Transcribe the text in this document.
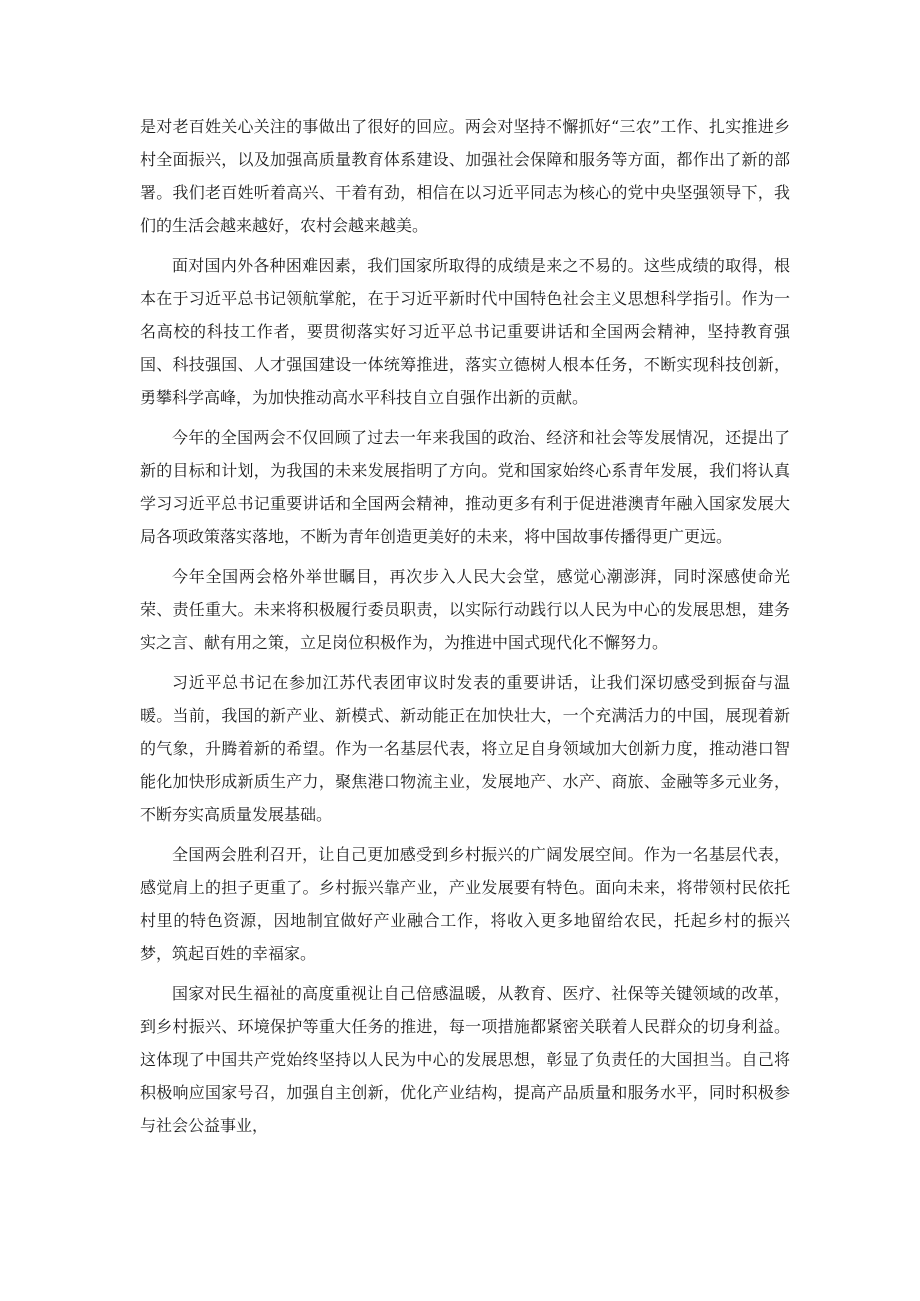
是对老百姓关心关注的事做出了很好的回应。两会对坚持不懈抓好“三农”工作、扎实推进乡村全面振兴，以及加强高质量教育体系建设、加强社会保障和服务等方面，都作出了新的部署。我们老百姓听着高兴、干着有劲，相信在以习近平同志为核心的党中央坚强领导下，我们的生活会越来越好，农村会越来越美。

面对国内外各种困难因素，我们国家所取得的成绩是来之不易的。这些成绩的取得，根本在于习近平总书记领航掌舵，在于习近平新时代中国特色社会主义思想科学指引。作为一名高校的科技工作者，要贯彻落实好习近平总书记重要讲话和全国两会精神，坚持教育强国、科技强国、人才强国建设一体统筹推进，落实立德树人根本任务，不断实现科技创新，勇攀科学高峰，为加快推动高水平科技自立自强作出新的贡献。

今年的全国两会不仅回顾了过去一年来我国的政治、经济和社会等发展情况，还提出了新的目标和计划，为我国的未来发展指明了方向。党和国家始终心系青年发展，我们将认真学习习近平总书记重要讲话和全国两会精神，推动更多有利于促进港澳青年融入国家发展大局各项政策落实落地，不断为青年创造更美好的未来，将中国故事传播得更广更远。

今年全国两会格外举世瞩目，再次步入人民大会堂，感觉心潮澎湃，同时深感使命光荣、责任重大。未来将积极履行委员职责，以实际行动践行以人民为中心的发展思想，建务实之言、献有用之策，立足岗位积极作为，为推进中国式现代化不懈努力。

习近平总书记在参加江苏代表团审议时发表的重要讲话，让我们深切感受到振奋与温暖。当前，我国的新产业、新模式、新动能正在加快壮大，一个充满活力的中国，展现着新的气象，升腾着新的希望。作为一名基层代表，将立足自身领域加大创新力度，推动港口智能化加快形成新质生产力，聚焦港口物流主业，发展地产、水产、商旅、金融等多元业务，不断夯实高质量发展基础。

全国两会胜利召开，让自己更加感受到乡村振兴的广阔发展空间。作为一名基层代表，感觉肩上的担子更重了。乡村振兴靠产业，产业发展要有特色。面向未来，将带领村民依托村里的特色资源，因地制宜做好产业融合工作，将收入更多地留给农民，托起乡村的振兴梦，筑起百姓的幸福家。

国家对民生福祉的高度重视让自己倍感温暖，从教育、医疗、社保等关键领域的改革，到乡村振兴、环境保护等重大任务的推进，每一项措施都紧密关联着人民群众的切身利益。这体现了中国共产党始终坚持以人民为中心的发展思想，彰显了负责任的大国担当。自己将积极响应国家号召，加强自主创新，优化产业结构，提高产品质量和服务水平，同时积极参与社会公益事业，
